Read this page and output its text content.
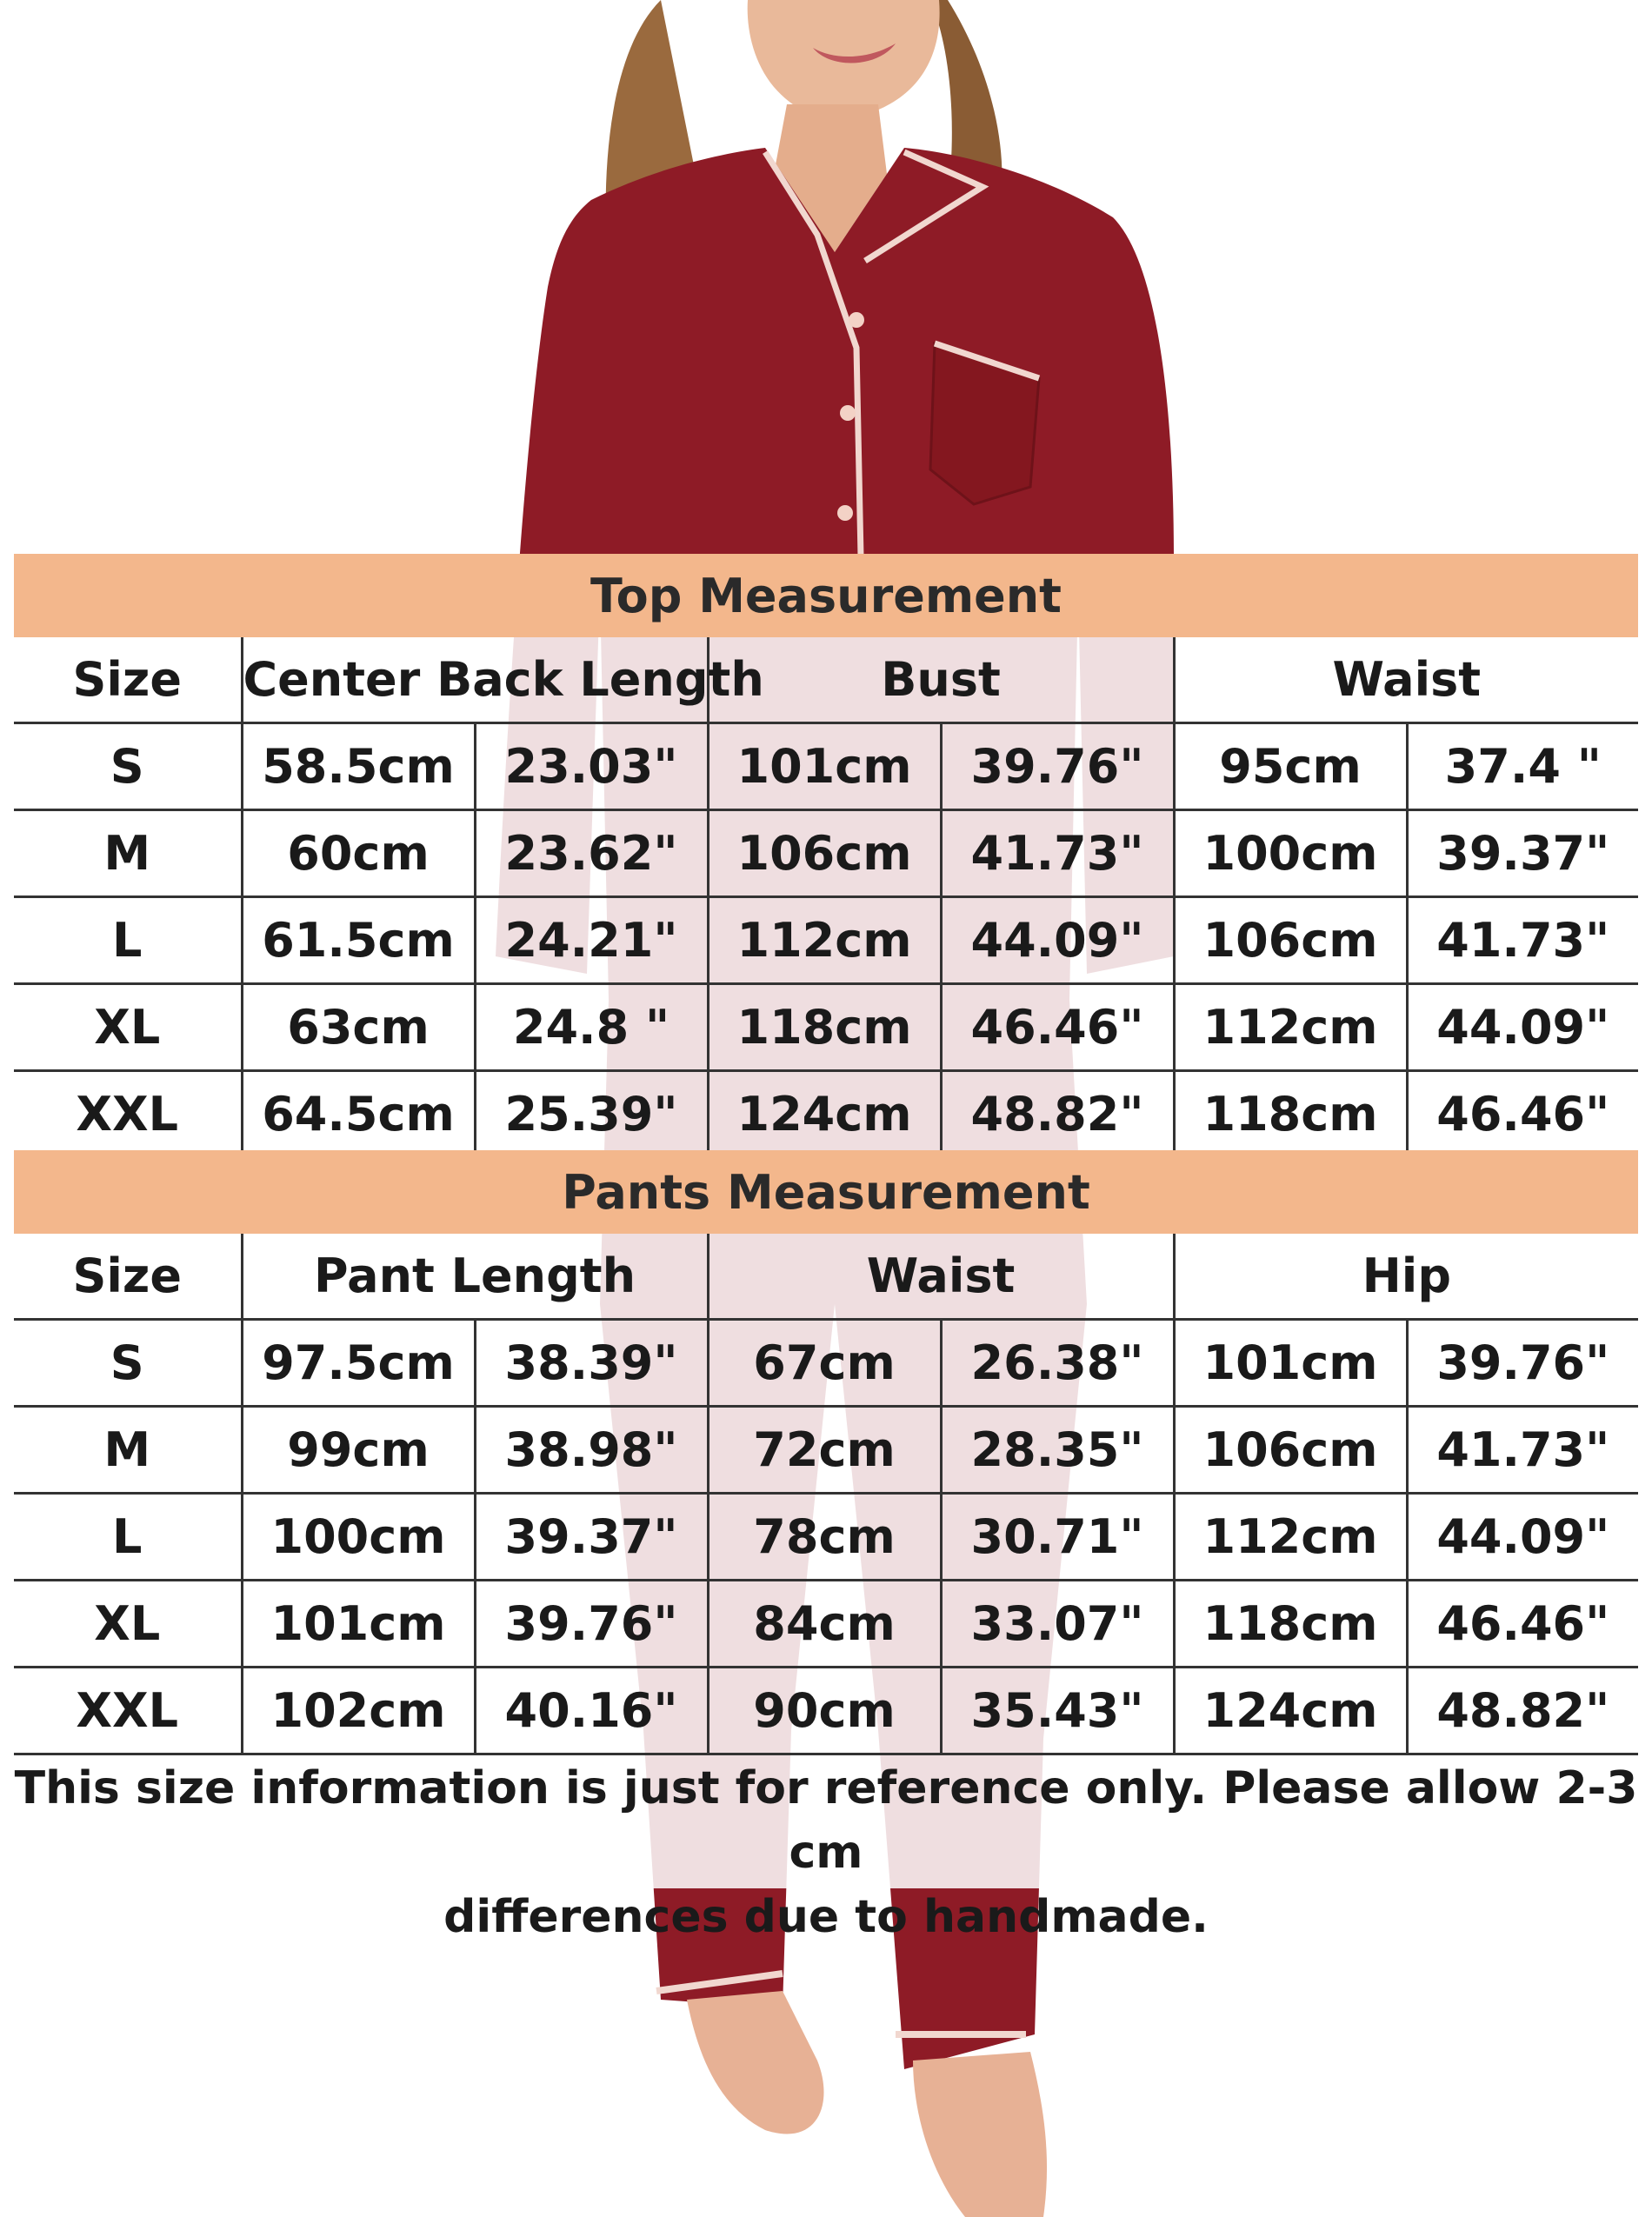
Top Measurement
Size	Center Back Length		Bust		Waist	
S	58.5cm	23.03"	101cm	39.76"	95cm	37.4 "
M	60cm	23.62"	106cm	41.73"	100cm	39.37"
L	61.5cm	24.21"	112cm	44.09"	106cm	41.73"
XL	63cm	24.8 "	118cm	46.46"	112cm	44.09"
XXL	64.5cm	25.39"	124cm	48.82"	118cm	46.46"
Pants Measurement
Size	Pant Length		Waist		Hip	
S	97.5cm	38.39"	67cm	26.38"	101cm	39.76"
M	99cm	38.98"	72cm	28.35"	106cm	41.73"
L	100cm	39.37"	78cm	30.71"	112cm	44.09"
XL	101cm	39.76"	84cm	33.07"	118cm	46.46"
XXL	102cm	40.16"	90cm	35.43"	124cm	48.82"
This size information is just for reference only. Please allow 2-3 cm
differences due to handmade.
